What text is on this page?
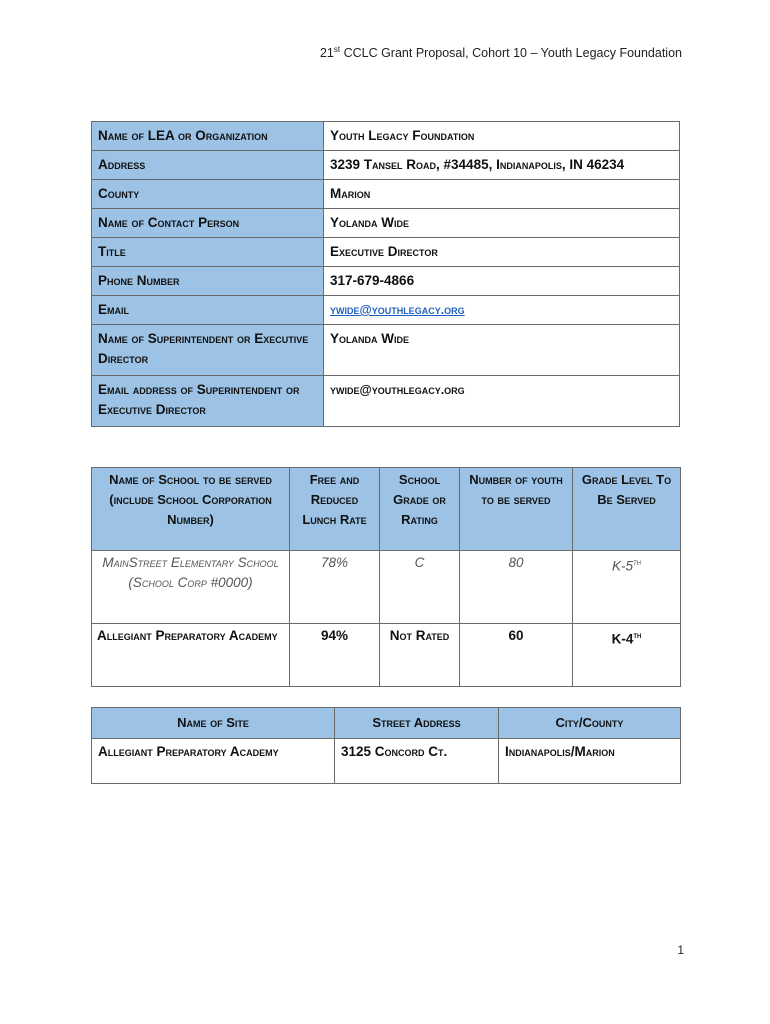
21st CCLC Grant Proposal, Cohort 10 – Youth Legacy Foundation
Name of LEA or Organization	Youth Legacy Foundation
Address	3239 Tansel Road, #34485, Indianapolis, IN 46234
County	Marion
Name of Contact Person	Yolanda Wide
Title	Executive Director
Phone Number	317-679-4866
Email	ywide@youthlegacy.org
Name of Superintendent or Executive Director	Yolanda Wide
Email address of Superintendent or Executive Director	ywide@youthlegacy.org
Name of School to be served (include School Corporation Number)	Free and Reduced Lunch Rate	School Grade or Rating	Number of youth to be served	Grade Level To Be Served
MainStreet Elementary School (School Corp #0000)	78%	C	80	K-5th
Allegiant Preparatory Academy	94%	Not Rated	60	K-4th
Name of Site	Street Address	City/County
Allegiant Preparatory Academy	3125 Concord Ct.	Indianapolis/Marion
1
